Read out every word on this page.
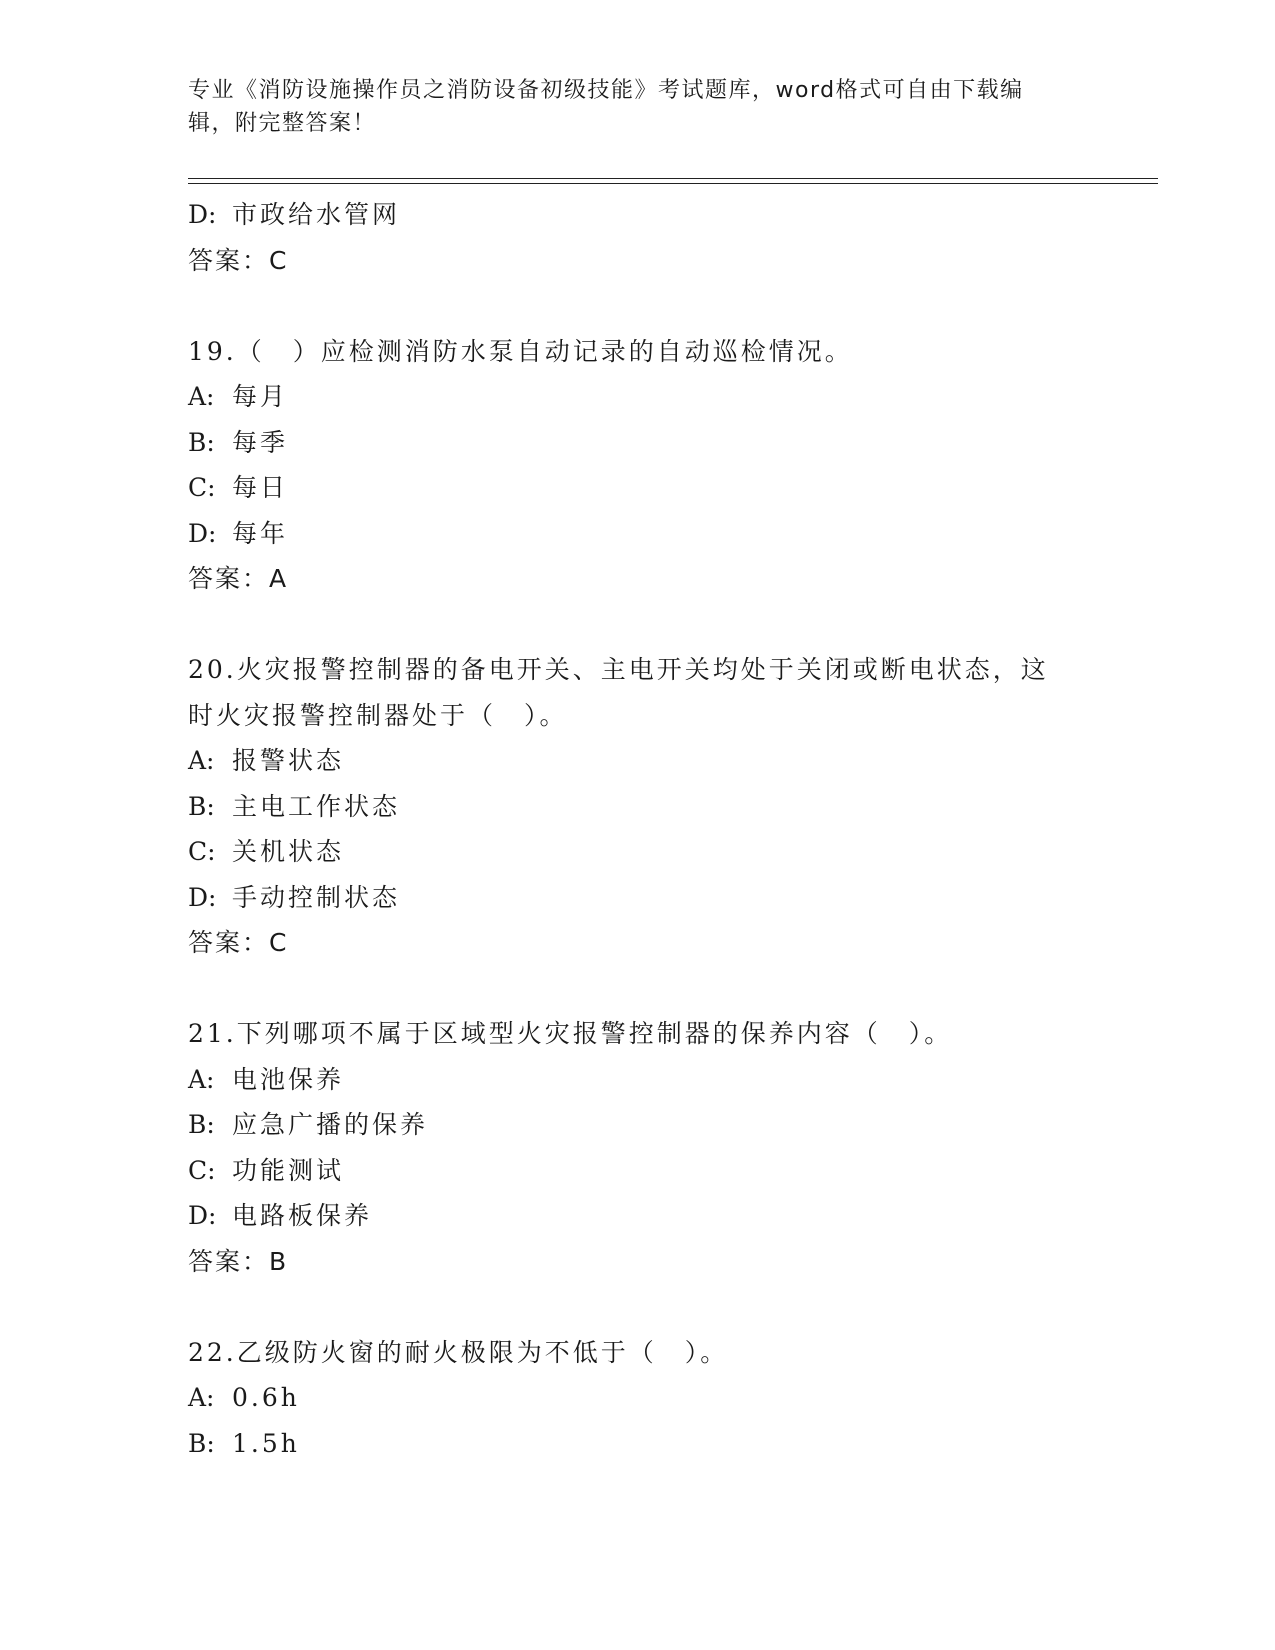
专业《消防设施操作员之消防设备初级技能》考试题库，word格式可自由下载编
辑，附完整答案！
D: 市政给水管网
答案：C
19.（　）应检测消防水泵自动记录的自动巡检情况。
A: 每月
B: 每季
C: 每日
D: 每年
答案：A
20.火灾报警控制器的备电开关、主电开关均处于关闭或断电状态，这
时火灾报警控制器处于（　）。
A: 报警状态
B: 主电工作状态
C: 关机状态
D: 手动控制状态
答案：C
21.下列哪项不属于区域型火灾报警控制器的保养内容（　）。
A: 电池保养
B: 应急广播的保养
C: 功能测试
D: 电路板保养
答案：B
22.乙级防火窗的耐火极限为不低于（　）。
A: 0.6h
B: 1.5h
